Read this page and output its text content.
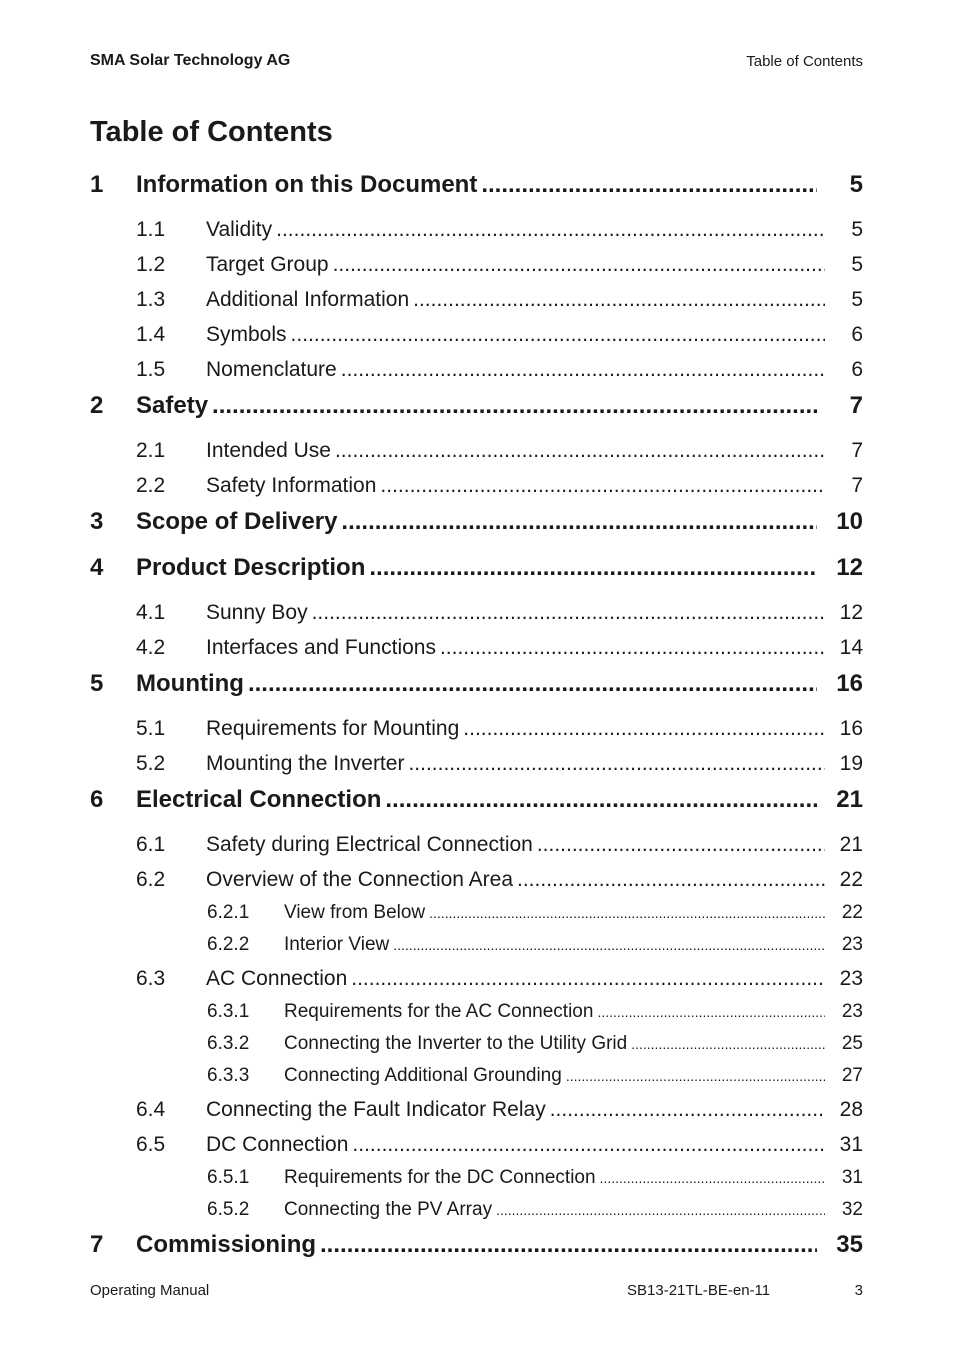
SMA Solar Technology AG	Table of Contents
Table of Contents
1	Information on this Document .....	5
1.1	Validity .....	5
1.2	Target Group .....	5
1.3	Additional Information .....	5
1.4	Symbols .....	6
1.5	Nomenclature .....	6
2	Safety .....	7
2.1	Intended Use .....	7
2.2	Safety Information .....	7
3	Scope of Delivery .....	10
4	Product Description .....	12
4.1	Sunny Boy .....	12
4.2	Interfaces and Functions .....	14
5	Mounting .....	16
5.1	Requirements for Mounting .....	16
5.2	Mounting the Inverter .....	19
6	Electrical Connection .....	21
6.1	Safety during Electrical Connection .....	21
6.2	Overview of the Connection Area .....	22
6.2.1	View from Below .....	22
6.2.2	Interior View .....	23
6.3	AC Connection .....	23
6.3.1	Requirements for the AC Connection .....	23
6.3.2	Connecting the Inverter to the Utility Grid .....	25
6.3.3	Connecting Additional Grounding .....	27
6.4	Connecting the Fault Indicator Relay .....	28
6.5	DC Connection .....	31
6.5.1	Requirements for the DC Connection .....	31
6.5.2	Connecting the PV Array .....	32
7	Commissioning .....	35
Operating Manual	SB13-21TL-BE-en-11	3
